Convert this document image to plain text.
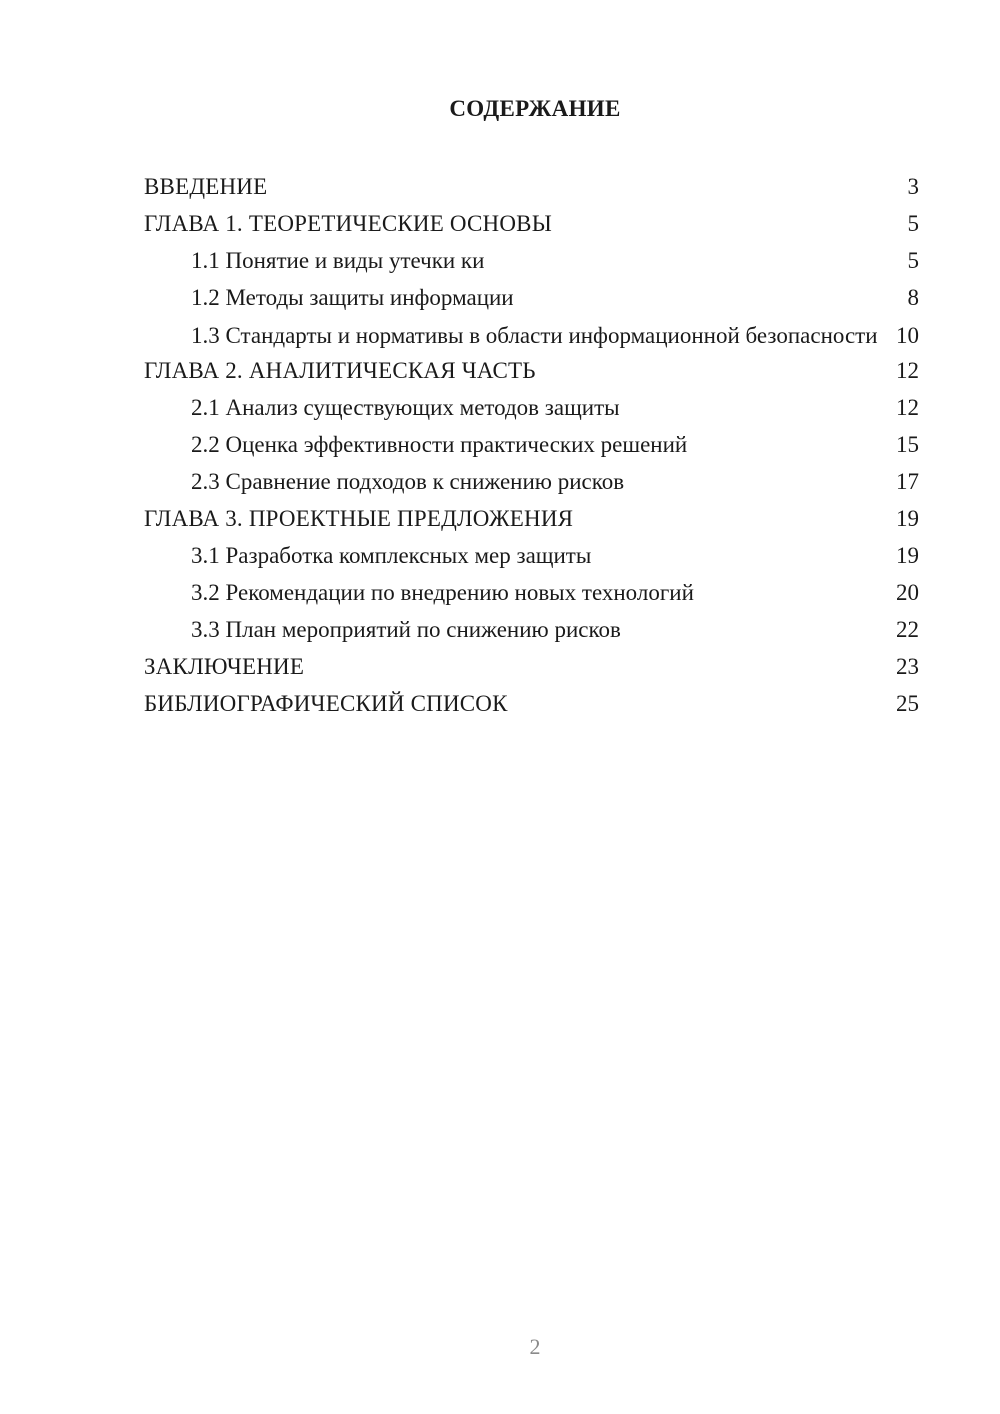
СОДЕРЖАНИЕ
ВВЕДЕНИЕ	3
ГЛАВА 1. ТЕОРЕТИЧЕСКИЕ ОСНОВЫ	5
1.1 Понятие и виды утечки ки	5
1.2 Методы защиты информации	8
1.3 Стандарты и нормативы в области информационной безопасности 10
ГЛАВА 2. АНАЛИТИЧЕСКАЯ ЧАСТЬ	12
2.1 Анализ существующих методов защиты	12
2.2 Оценка эффективности практических решений	15
2.3 Сравнение подходов к снижению рисков	17
ГЛАВА 3. ПРОЕКТНЫЕ ПРЕДЛОЖЕНИЯ	19
3.1 Разработка комплексных мер защиты	19
3.2 Рекомендации по внедрению новых технологий	20
3.3 План мероприятий по снижению рисков	22
ЗАКЛЮЧЕНИЕ	23
БИБЛИОГРАФИЧЕСКИЙ СПИСОК	25
2
